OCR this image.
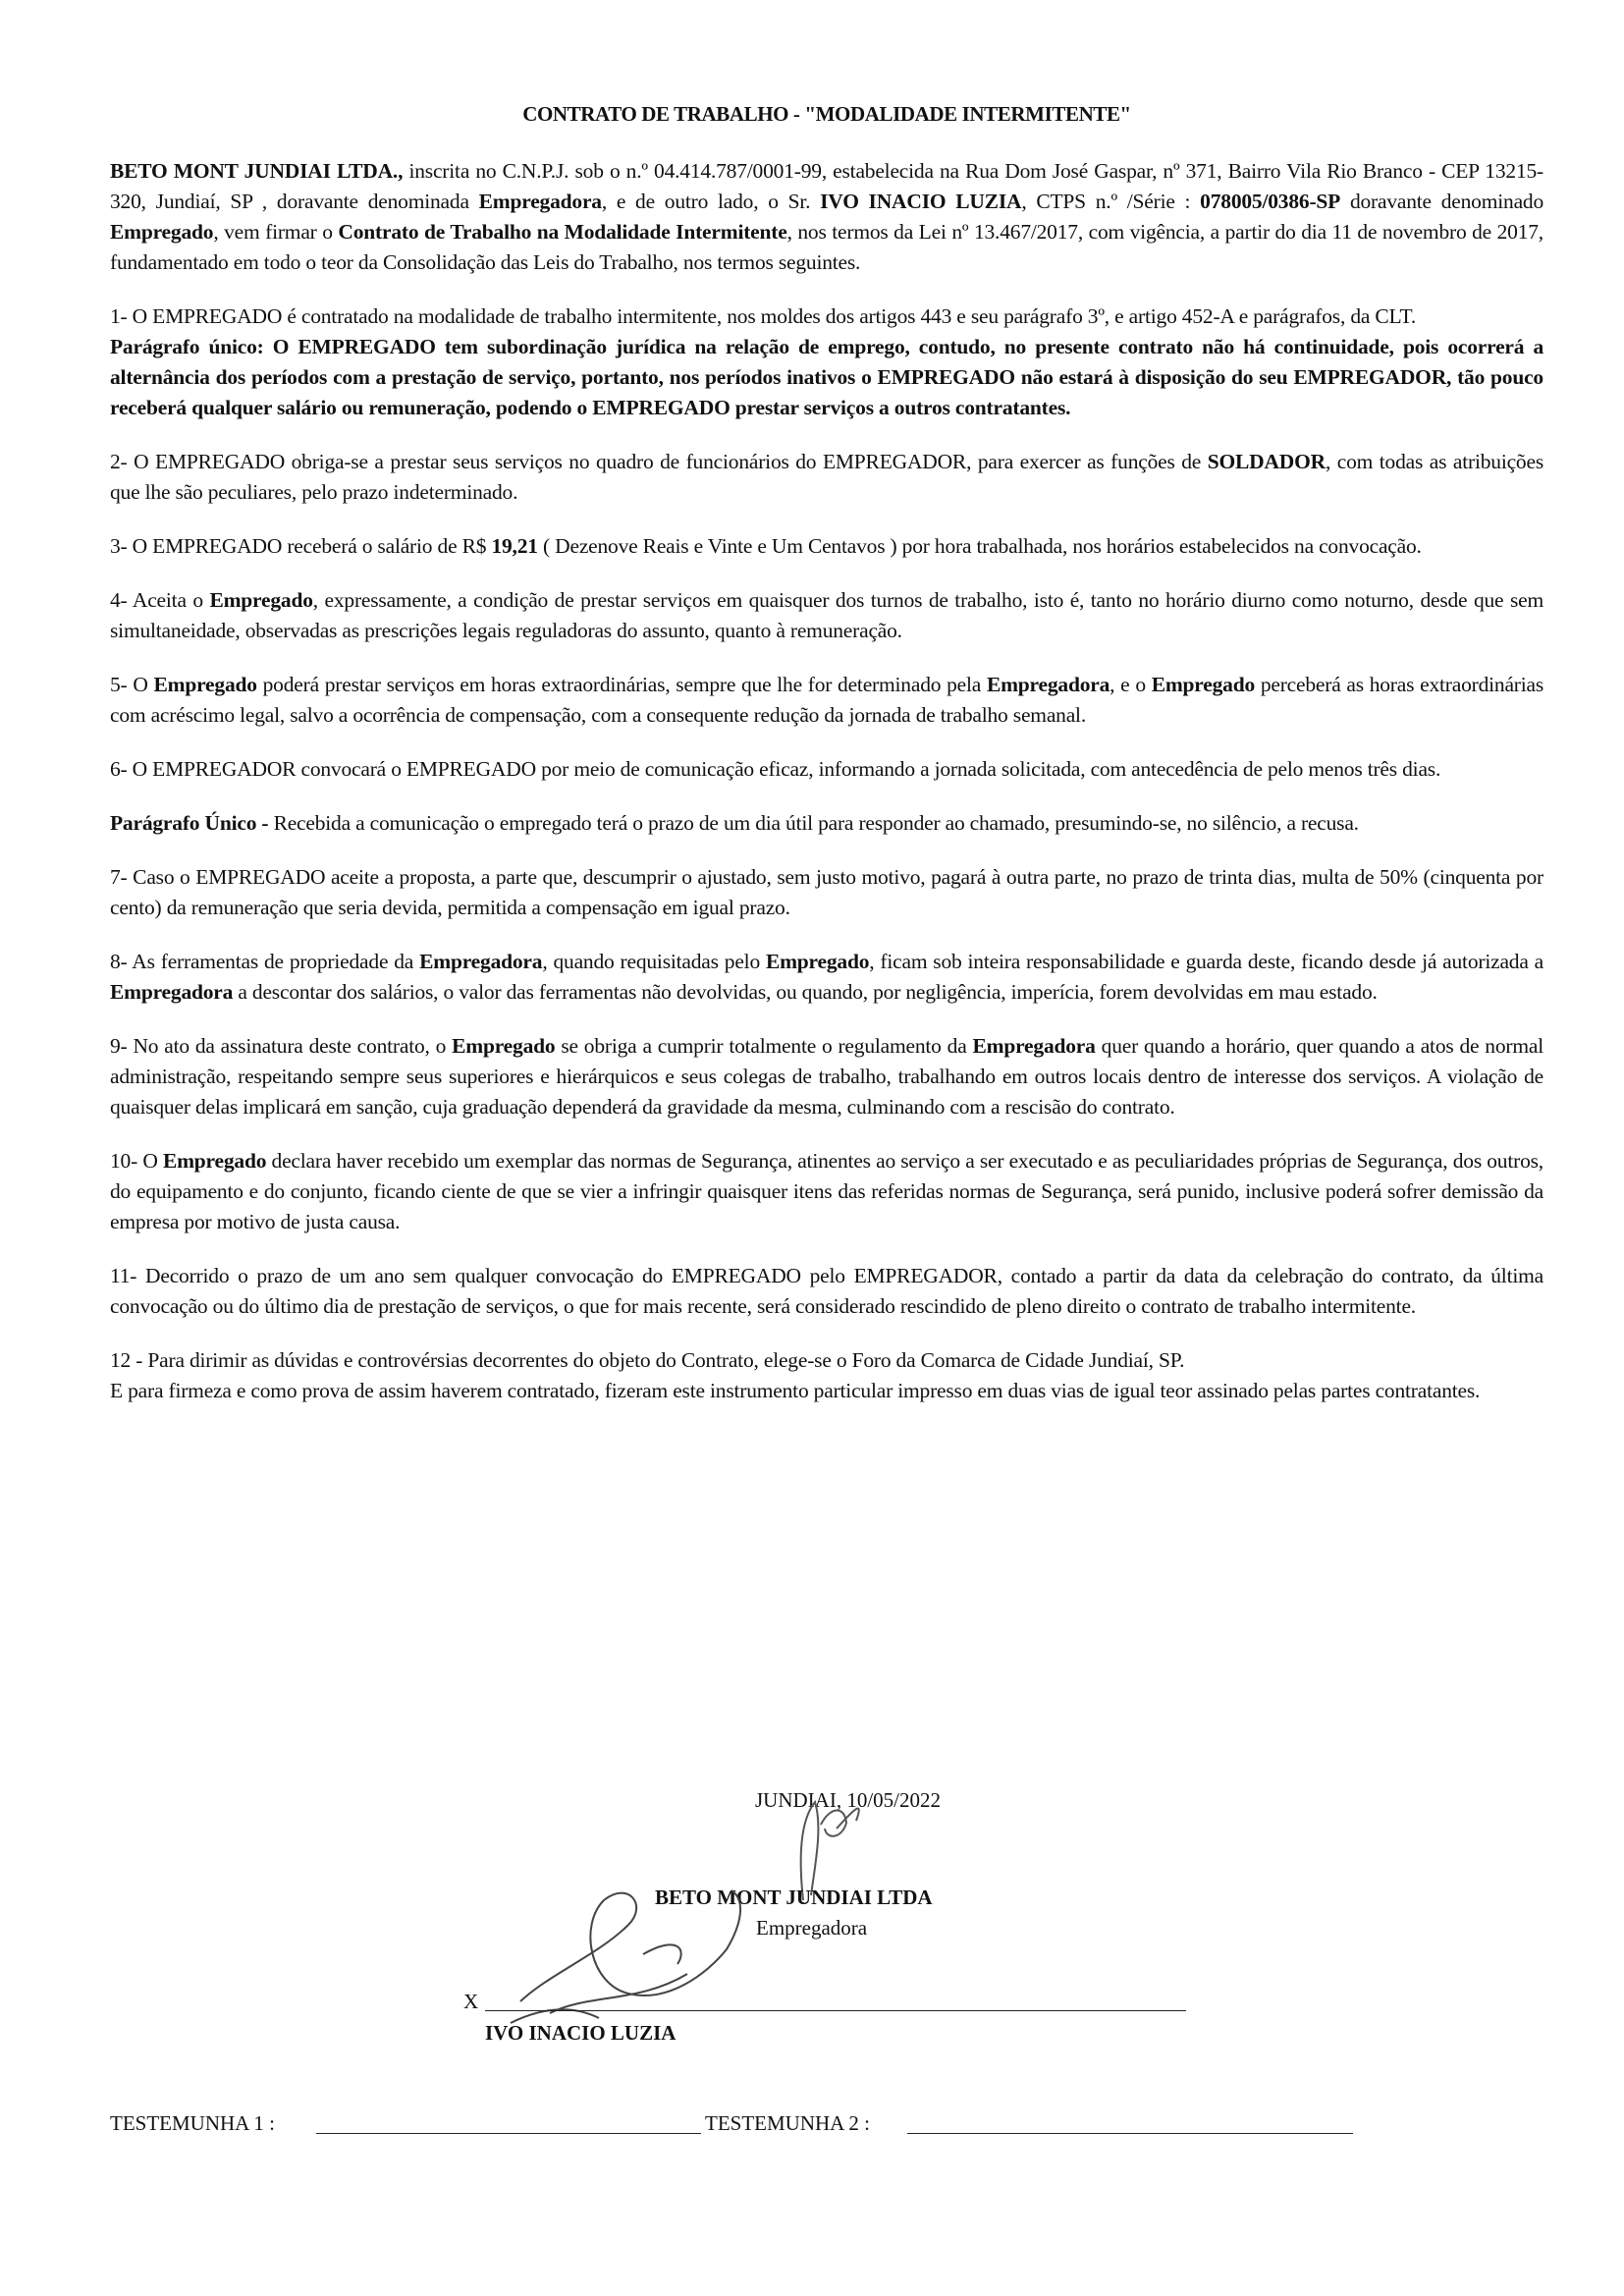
CONTRATO DE TRABALHO - "MODALIDADE INTERMITENTE"

BETO MONT JUNDIAI LTDA., inscrita no C.N.P.J. sob o n.º 04.414.787/0001-99, estabelecida na Rua Dom José Gaspar, nº 371, Bairro Vila Rio Branco - CEP 13215-320, Jundiaí, SP , doravante denominada Empregadora, e de outro lado, o Sr. IVO INACIO LUZIA, CTPS n.º /Série : 078005/0386-SP doravante denominado Empregado, vem firmar o Contrato de Trabalho na Modalidade Intermitente, nos termos da Lei nº 13.467/2017, com vigência, a partir do dia 11 de novembro de 2017, fundamentado em todo o teor da Consolidação das Leis do Trabalho, nos termos seguintes.

1- O EMPREGADO é contratado na modalidade de trabalho intermitente, nos moldes dos artigos 443 e seu parágrafo 3º, e artigo 452-A e parágrafos, da CLT.

Parágrafo único: O EMPREGADO tem subordinação jurídica na relação de emprego, contudo, no presente contrato não há continuidade, pois ocorrerá a alternância dos períodos com a prestação de serviço, portanto, nos períodos inativos o EMPREGADO não estará à disposição do seu EMPREGADOR, tão pouco receberá qualquer salário ou remuneração, podendo o EMPREGADO prestar serviços a outros contratantes.

2- O EMPREGADO obriga-se a prestar seus serviços no quadro de funcionários do EMPREGADOR, para exercer as funções de SOLDADOR, com todas as atribuições que lhe são peculiares, pelo prazo indeterminado.

3- O EMPREGADO receberá o salário de R$ 19,21 ( Dezenove Reais e Vinte e Um Centavos ) por hora trabalhada, nos horários estabelecidos na convocação.

4- Aceita o Empregado, expressamente, a condição de prestar serviços em quaisquer dos turnos de trabalho, isto é, tanto no horário diurno como noturno, desde que sem simultaneidade, observadas as prescrições legais reguladoras do assunto, quanto à remuneração.

5- O Empregado poderá prestar serviços em horas extraordinárias, sempre que lhe for determinado pela Empregadora, e o Empregado perceberá as horas extraordinárias com acréscimo legal, salvo a ocorrência de compensação, com a consequente redução da jornada de trabalho semanal.

6- O EMPREGADOR convocará o EMPREGADO por meio de comunicação eficaz, informando a jornada solicitada, com antecedência de pelo menos três dias.

Parágrafo Único - Recebida a comunicação o empregado terá o prazo de um dia útil para responder ao chamado, presumindo-se, no silêncio, a recusa.

7- Caso o EMPREGADO aceite a proposta, a parte que, descumprir o ajustado, sem justo motivo, pagará à outra parte, no prazo de trinta dias, multa de 50% (cinquenta por cento) da remuneração que seria devida, permitida a compensação em igual prazo.

8- As ferramentas de propriedade da Empregadora, quando requisitadas pelo Empregado, ficam sob inteira responsabilidade e guarda deste, ficando desde já autorizada a Empregadora a descontar dos salários, o valor das ferramentas não devolvidas, ou quando, por negligência, imperícia, forem devolvidas em mau estado.

9- No ato da assinatura deste contrato, o Empregado se obriga a cumprir totalmente o regulamento da Empregadora quer quando a horário, quer quando a atos de normal administração, respeitando sempre seus superiores e hierárquicos e seus colegas de trabalho, trabalhando em outros locais dentro de interesse dos serviços. A violação de quaisquer delas implicará em sanção, cuja graduação dependerá da gravidade da mesma, culminando com a rescisão do contrato.

10- O Empregado declara haver recebido um exemplar das normas de Segurança, atinentes ao serviço a ser executado e as peculiaridades próprias de Segurança, dos outros, do equipamento e do conjunto, ficando ciente de que se vier a infringir quaisquer itens das referidas normas de Segurança, será punido, inclusive poderá sofrer demissão da empresa por motivo de justa causa.

11- Decorrido o prazo de um ano sem qualquer convocação do EMPREGADO pelo EMPREGADOR, contado a partir da data da celebração do contrato, da última convocação ou do último dia de prestação de serviços, o que for mais recente, será considerado rescindido de pleno direito o contrato de trabalho intermitente.

12 - Para dirimir as dúvidas e controvérsias decorrentes do objeto do Contrato, elege-se o Foro da Comarca de Cidade Jundiaí, SP.

E para firmeza e como prova de assim haverem contratado, fizeram este instrumento particular impresso em duas vias de igual teor assinado pelas partes contratantes.

JUNDIAI, 10/05/2022
BETO MONT JUNDIAI LTDA
Empregadora
X
IVO INACIO LUZIA
TESTEMUNHA 1 :	TESTEMUNHA 2 :
